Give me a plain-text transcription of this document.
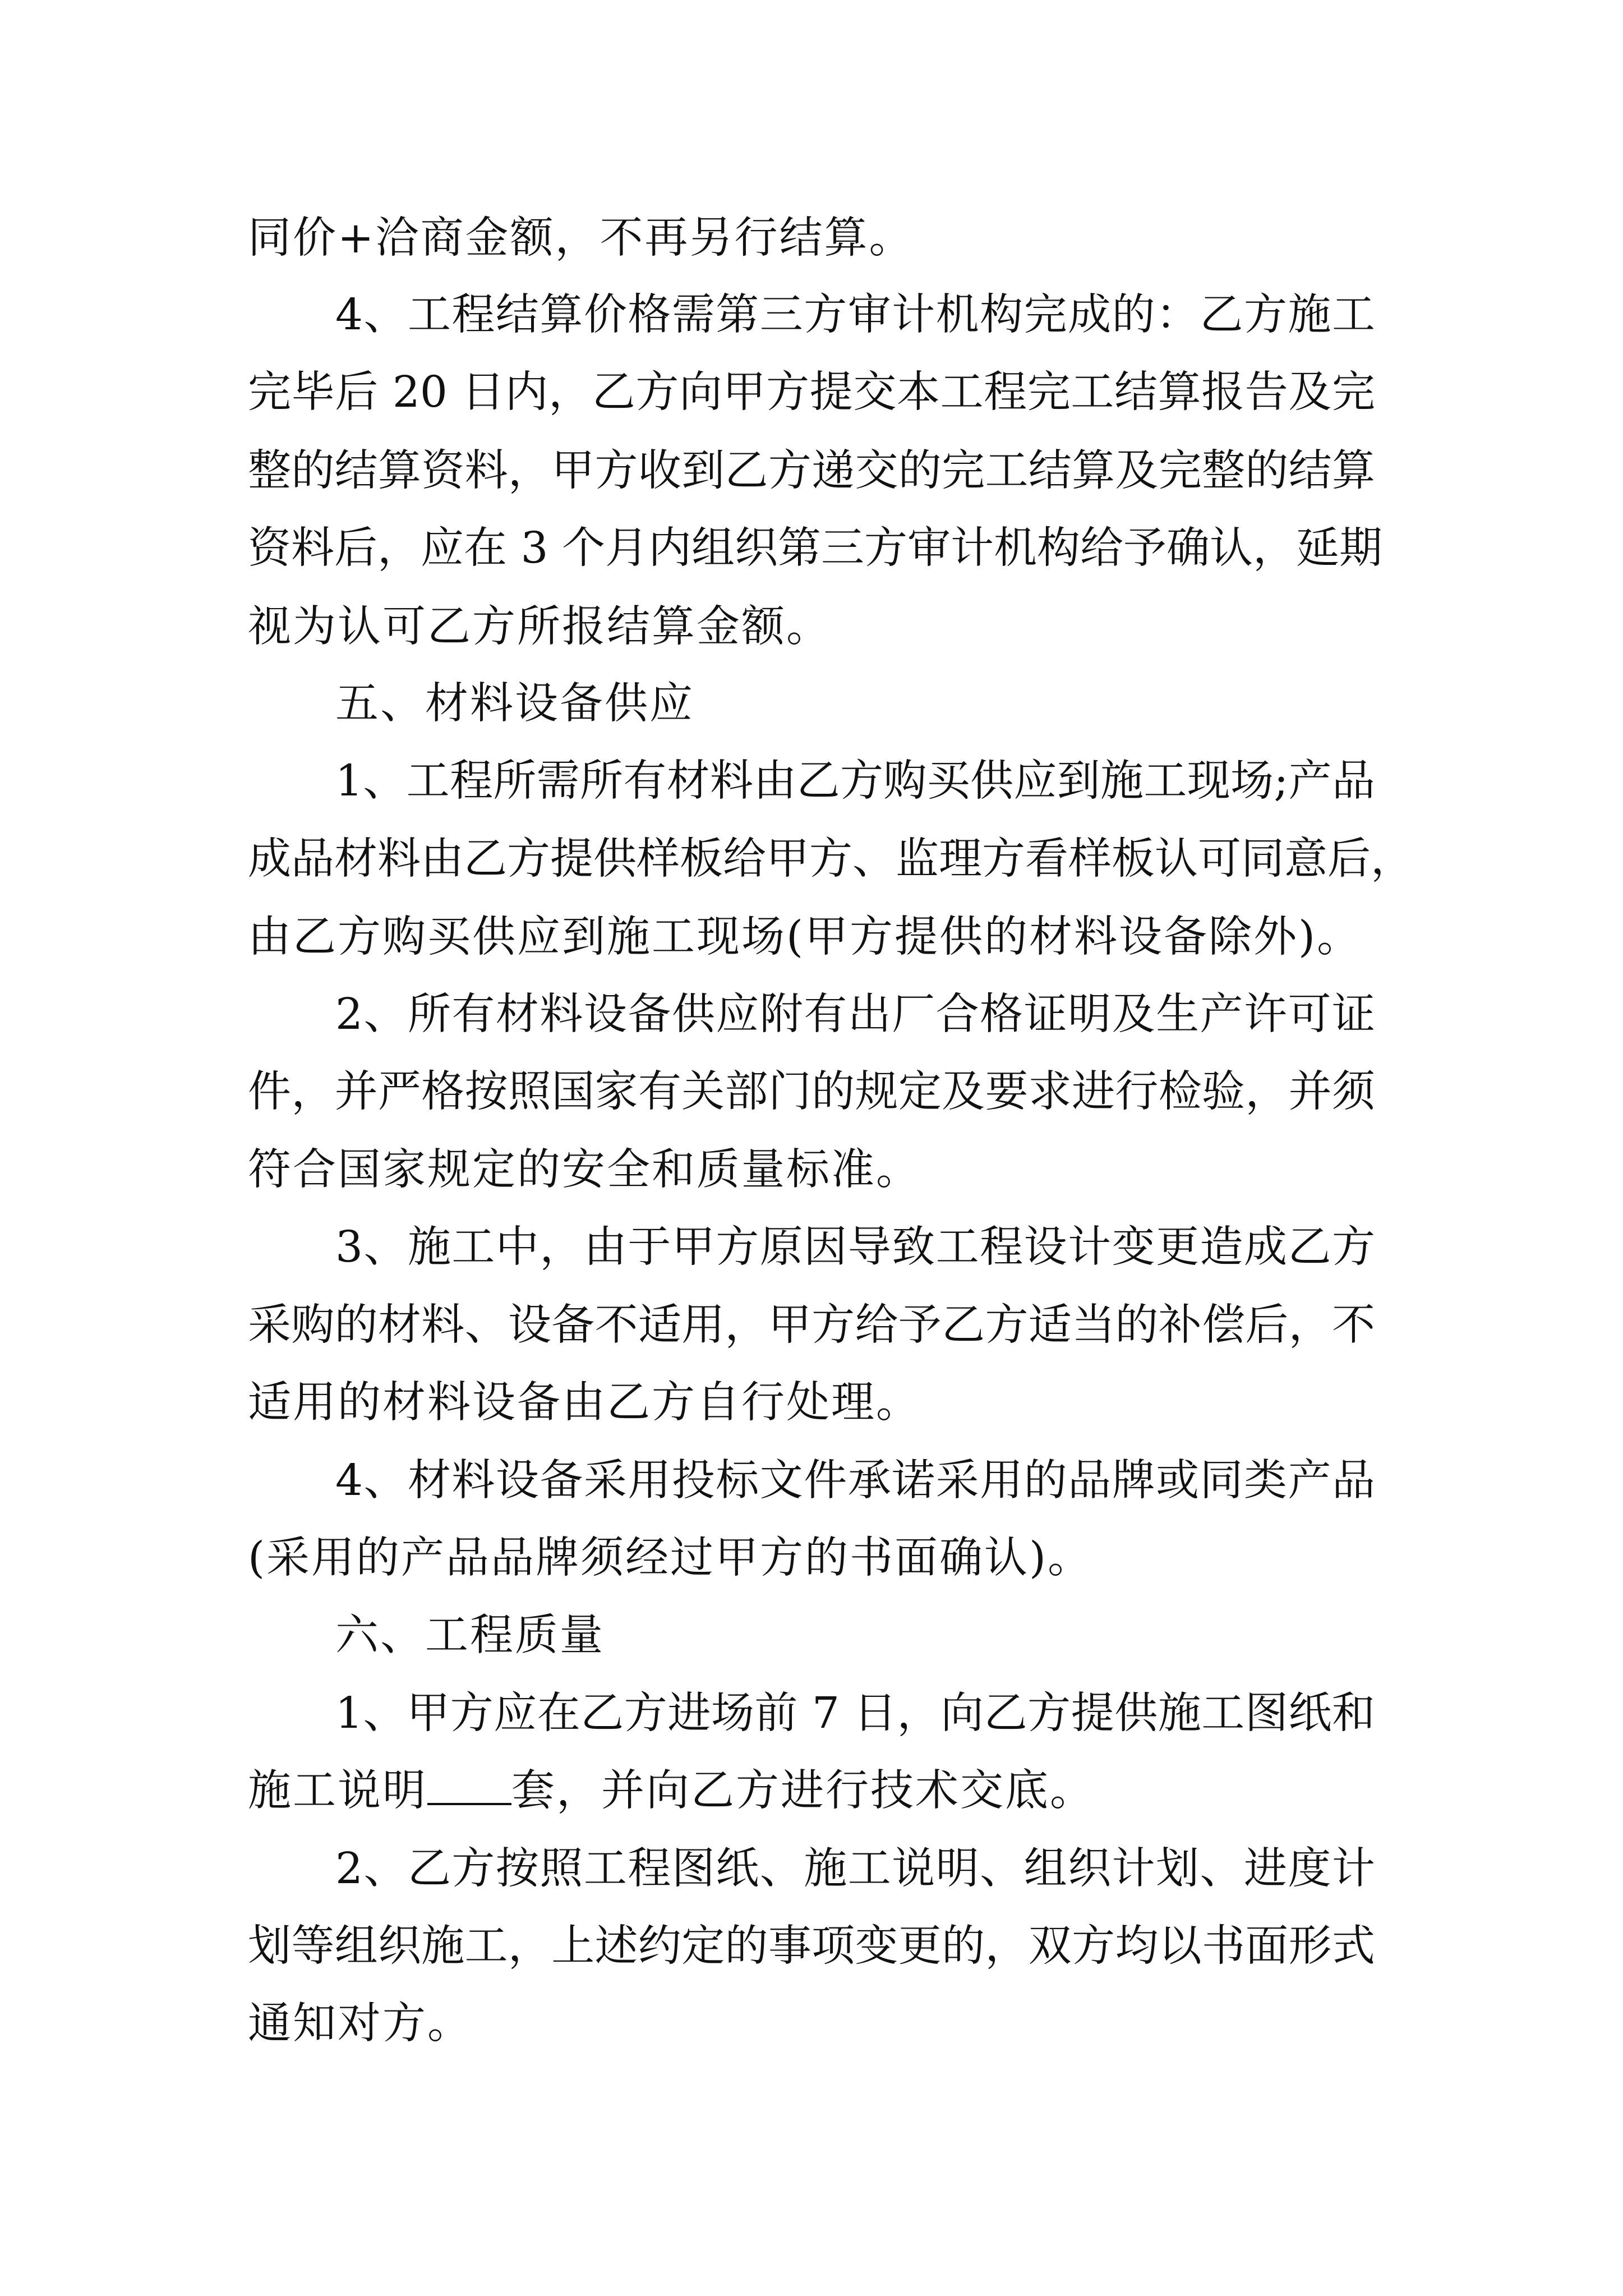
同价+洽商金额，不再另行结算。
4、工程结算价格需第三方审计机构完成的：乙方施工
完毕后 20 日内，乙方向甲方提交本工程完工结算报告及完
整的结算资料，甲方收到乙方递交的完工结算及完整的结算
资料后，应在 3 个月内组织第三方审计机构给予确认，延期
视为认可乙方所报结算金额。
五、材料设备供应
1、工程所需所有材料由乙方购买供应到施工现场;产品
成品材料由乙方提供样板给甲方、监理方看样板认可同意后，
由乙方购买供应到施工现场(甲方提供的材料设备除外)。
2、所有材料设备供应附有出厂合格证明及生产许可证
件，并严格按照国家有关部门的规定及要求进行检验，并须
符合国家规定的安全和质量标准。
3、施工中，由于甲方原因导致工程设计变更造成乙方
采购的材料、设备不适用，甲方给予乙方适当的补偿后，不
适用的材料设备由乙方自行处理。
4、材料设备采用投标文件承诺采用的品牌或同类产品
(采用的产品品牌须经过甲方的书面确认)。
六、工程质量
1、甲方应在乙方进场前 7 日，向乙方提供施工图纸和
施工说明 套，并向乙方进行技术交底。
2、乙方按照工程图纸、施工说明、组织计划、进度计
划等组织施工，上述约定的事项变更的，双方均以书面形式
通知对方。
